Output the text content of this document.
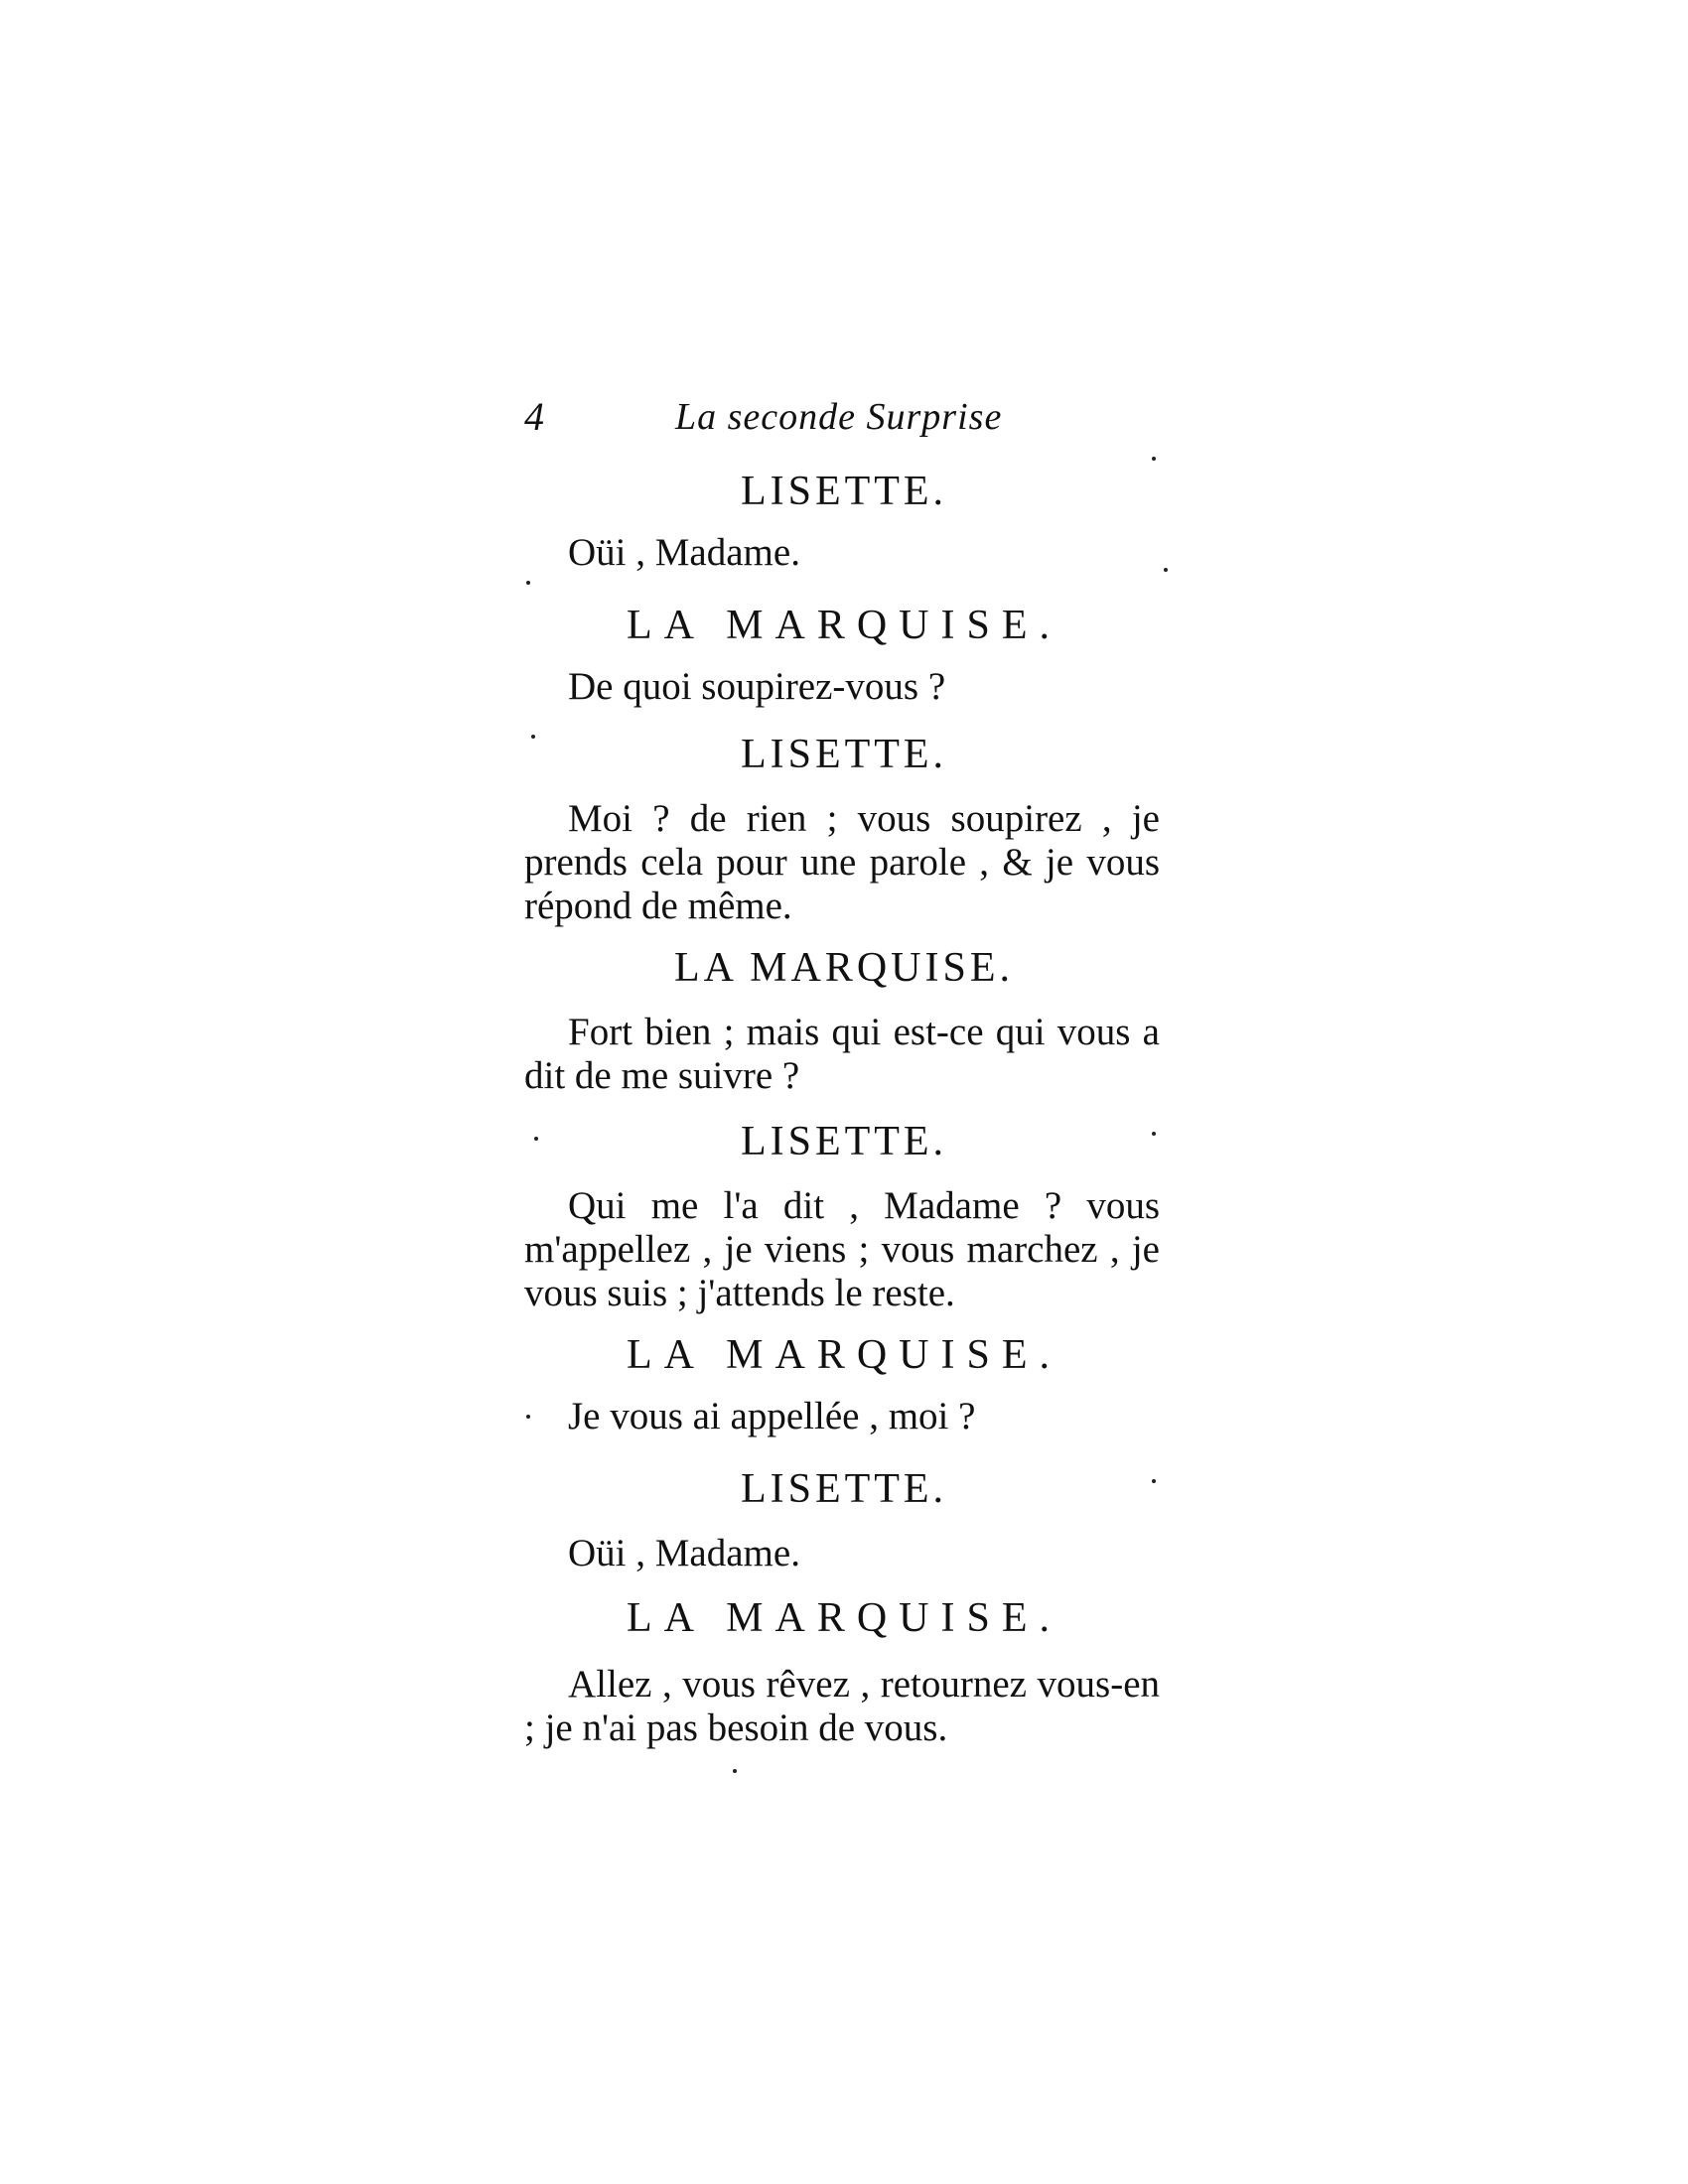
4	La seconde Surprise
LISETTE.

Oüi , Madame.

LA MARQUISE.

De quoi soupirez-vous ?

LISETTE.

Moi ? de rien ; vous soupirez , je prends cela pour une parole , & je vous répond de même.

LA MARQUISE.

Fort bien ; mais qui est-ce qui vous a dit de me suivre ?

LISETTE.

Qui me l'a dit , Madame ? vous m'appellez , je viens ; vous marchez , je vous suis ; j'attends le reste.

LA MARQUISE.

Je vous ai appellée , moi ?

LISETTE.

Oüi , Madame.

LA MARQUISE.

Allez , vous rêvez , retournez vous-en ; je n'ai pas besoin de vous.
